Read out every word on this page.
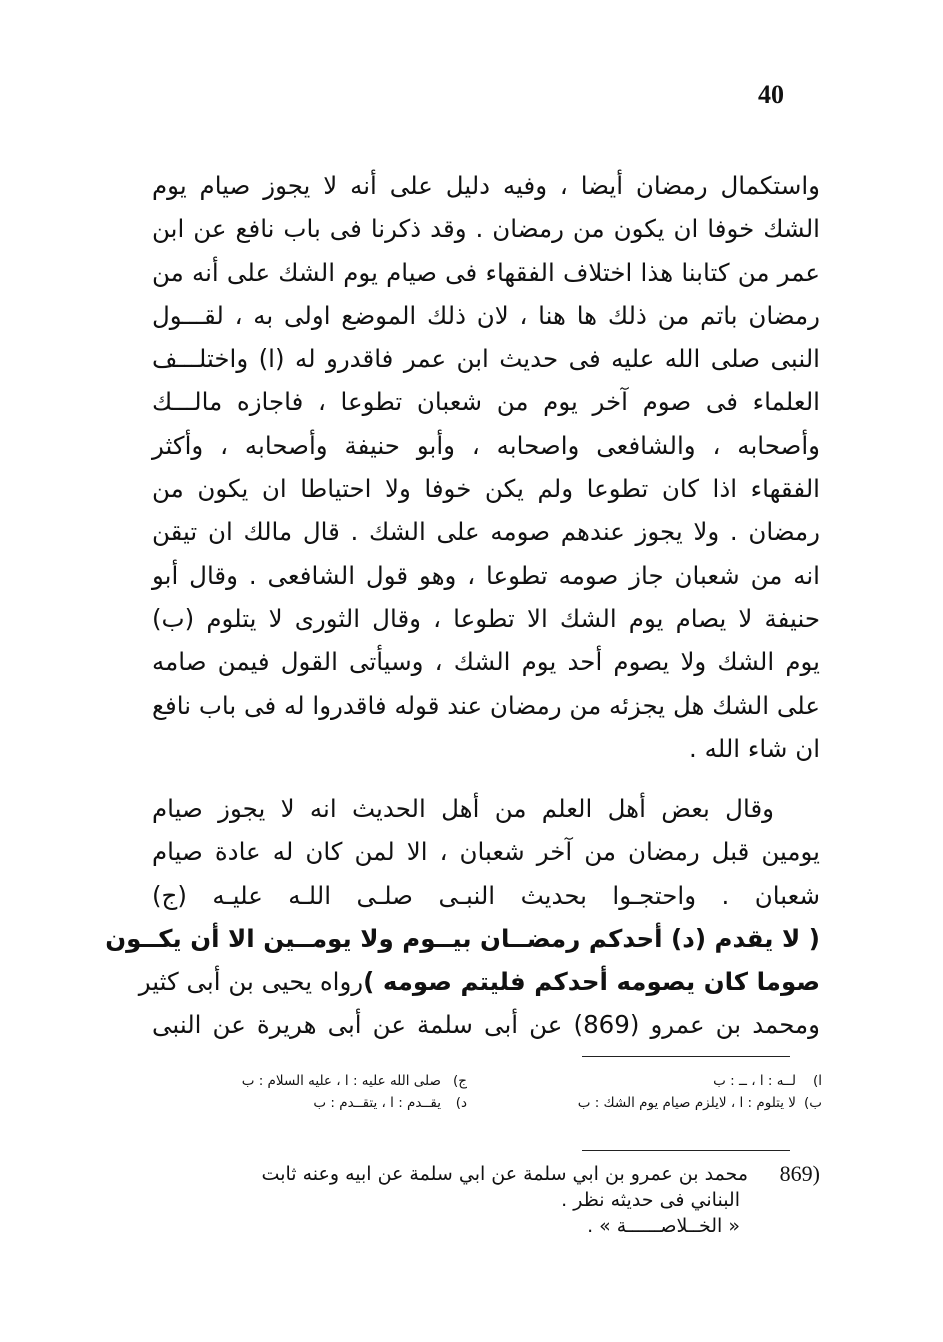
40
واستكمال رمضان أيضا ، وفيه دليل على أنه لا يجوز صيام يوم
الشك خوفا ان يكون من رمضان . وقد ذكرنا فى باب نافع عن ابن
عمر من كتابنا هذا اختلاف الفقهاء فى صيام يوم الشك على أنه من
رمضان باتم من ذلك ها هنا ، لان ذلك الموضع اولى به ، لقـــول
النبى صلى الله عليه فى حديث ابن عمر فاقدرو له (ا) واختلـــف
العلماء فى صوم آخر يوم من شعبان تطوعا ، فاجازه مالـــك
وأصحابه ، والشافعى واصحابه ، وأبو حنيفة وأصحابه ، وأكثر
الفقهاء اذا كان تطوعا ولم يكن خوفا ولا احتياطا ان يكون من
رمضان . ولا يجوز عندهم صومه على الشك . قال مالك ان تيقن
انه من شعبان جاز صومه تطوعا ، وهو قول الشافعى . وقال أبو
حنيفة لا يصام يوم الشك الا تطوعا ، وقال الثورى لا يتلوم (ب)
يوم الشك ولا يصوم أحد يوم الشك ، وسيأتى القول فيمن صامه
على الشك هل يجزئه من رمضان عند قوله فاقدروا له فى باب نافع
ان شاء الله .
وقال بعض أهل العلم من أهل الحديث انه لا يجوز صيام
يومين قبل رمضان من آخر شعبان ، الا لمن كان له عادة صيام
شعبان . واحتجـوا بحديث النبـى صلـى اللـه عليـه (ج)
( لا يقدم (د) أحدكم رمضــان بيــوم ولا يومــين الا أن يكــون
صوما كان يصومه أحدكم فليتم صومه )
رواه يحيى بن أبى كثير
ومحمد بن عمرو (869) عن أبى سلمة عن أبى هريرة عن النبى
ا)
لــه : ا ، ــ : ب
ج)
صلى الله عليه : ا ، عليه السلام : ب
ب)
لا يتلوم : ا ، لايلزم صيام يوم الشك : ب
د)
يقــدم : ا ، يتقــدم : ب
869)
محمد بن عمرو بن ابي سلمة عن ابي سلمة عن ابيه وعنه ثابت
البناني فى حديثه نظر .
« الخــلاصــــــة » .
